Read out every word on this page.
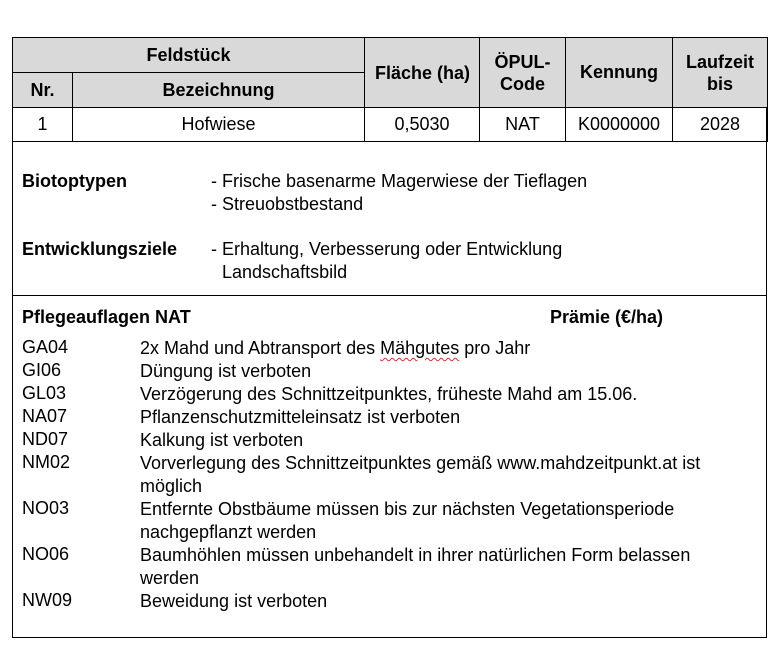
Feldstück		Fläche (ha)	ÖPUL-Code	Kennung	Laufzeit bis
Nr.	Bezeichnung				
1	Hofwiese	0,5030	NAT	K0000000	2028
Biotoptypen	- Frische basenarme Magerwiese der Tieflagen
- Streuobstbestand
Entwicklungsziele - Erhaltung, Verbesserung oder Entwicklung
Landschaftsbild
Pflegeauflagen NAT	Prämie (€/ha)
GA04	2x Mahd und Abtransport des Mähgutes pro Jahr
GI06	Düngung ist verboten
GL03	Verzögerung des Schnittzeitpunktes, früheste Mahd am 15.06.
NA07	Pflanzenschutzmitteleinsatz ist verboten
ND07	Kalkung ist verboten
NM02	Vorverlegung des Schnittzeitpunktes gemäß www.mahdzeitpunkt.at ist möglich
NO03	Entfernte Obstbäume müssen bis zur nächsten Vegetationsperiode nachgepflanzt werden
NO06	Baumhöhlen müssen unbehandelt in ihrer natürlichen Form belassen werden
NW09	Beweidung ist verboten
